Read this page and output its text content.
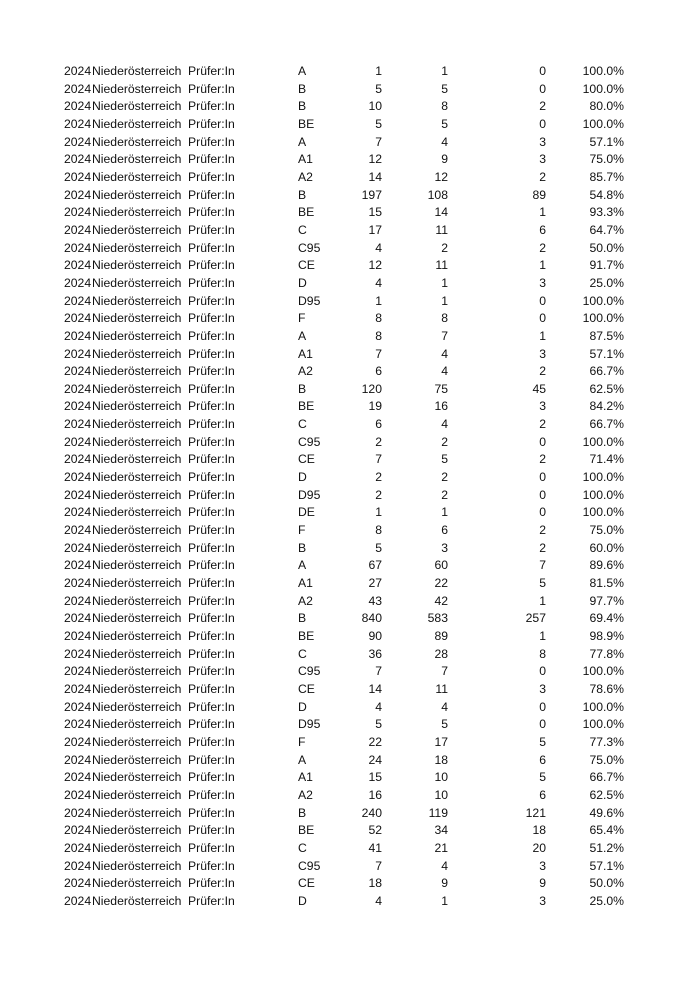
2024	Niederösterreich	Prüfer:In	A	1	1	0	100.0%
2024	Niederösterreich	Prüfer:In	B	5	5	0	100.0%
2024	Niederösterreich	Prüfer:In	B	10	8	2	80.0%
2024	Niederösterreich	Prüfer:In	BE	5	5	0	100.0%
2024	Niederösterreich	Prüfer:In	A	7	4	3	57.1%
2024	Niederösterreich	Prüfer:In	A1	12	9	3	75.0%
2024	Niederösterreich	Prüfer:In	A2	14	12	2	85.7%
2024	Niederösterreich	Prüfer:In	B	197	108	89	54.8%
2024	Niederösterreich	Prüfer:In	BE	15	14	1	93.3%
2024	Niederösterreich	Prüfer:In	C	17	11	6	64.7%
2024	Niederösterreich	Prüfer:In	C95	4	2	2	50.0%
2024	Niederösterreich	Prüfer:In	CE	12	11	1	91.7%
2024	Niederösterreich	Prüfer:In	D	4	1	3	25.0%
2024	Niederösterreich	Prüfer:In	D95	1	1	0	100.0%
2024	Niederösterreich	Prüfer:In	F	8	8	0	100.0%
2024	Niederösterreich	Prüfer:In	A	8	7	1	87.5%
2024	Niederösterreich	Prüfer:In	A1	7	4	3	57.1%
2024	Niederösterreich	Prüfer:In	A2	6	4	2	66.7%
2024	Niederösterreich	Prüfer:In	B	120	75	45	62.5%
2024	Niederösterreich	Prüfer:In	BE	19	16	3	84.2%
2024	Niederösterreich	Prüfer:In	C	6	4	2	66.7%
2024	Niederösterreich	Prüfer:In	C95	2	2	0	100.0%
2024	Niederösterreich	Prüfer:In	CE	7	5	2	71.4%
2024	Niederösterreich	Prüfer:In	D	2	2	0	100.0%
2024	Niederösterreich	Prüfer:In	D95	2	2	0	100.0%
2024	Niederösterreich	Prüfer:In	DE	1	1	0	100.0%
2024	Niederösterreich	Prüfer:In	F	8	6	2	75.0%
2024	Niederösterreich	Prüfer:In	B	5	3	2	60.0%
2024	Niederösterreich	Prüfer:In	A	67	60	7	89.6%
2024	Niederösterreich	Prüfer:In	A1	27	22	5	81.5%
2024	Niederösterreich	Prüfer:In	A2	43	42	1	97.7%
2024	Niederösterreich	Prüfer:In	B	840	583	257	69.4%
2024	Niederösterreich	Prüfer:In	BE	90	89	1	98.9%
2024	Niederösterreich	Prüfer:In	C	36	28	8	77.8%
2024	Niederösterreich	Prüfer:In	C95	7	7	0	100.0%
2024	Niederösterreich	Prüfer:In	CE	14	11	3	78.6%
2024	Niederösterreich	Prüfer:In	D	4	4	0	100.0%
2024	Niederösterreich	Prüfer:In	D95	5	5	0	100.0%
2024	Niederösterreich	Prüfer:In	F	22	17	5	77.3%
2024	Niederösterreich	Prüfer:In	A	24	18	6	75.0%
2024	Niederösterreich	Prüfer:In	A1	15	10	5	66.7%
2024	Niederösterreich	Prüfer:In	A2	16	10	6	62.5%
2024	Niederösterreich	Prüfer:In	B	240	119	121	49.6%
2024	Niederösterreich	Prüfer:In	BE	52	34	18	65.4%
2024	Niederösterreich	Prüfer:In	C	41	21	20	51.2%
2024	Niederösterreich	Prüfer:In	C95	7	4	3	57.1%
2024	Niederösterreich	Prüfer:In	CE	18	9	9	50.0%
2024	Niederösterreich	Prüfer:In	D	4	1	3	25.0%
